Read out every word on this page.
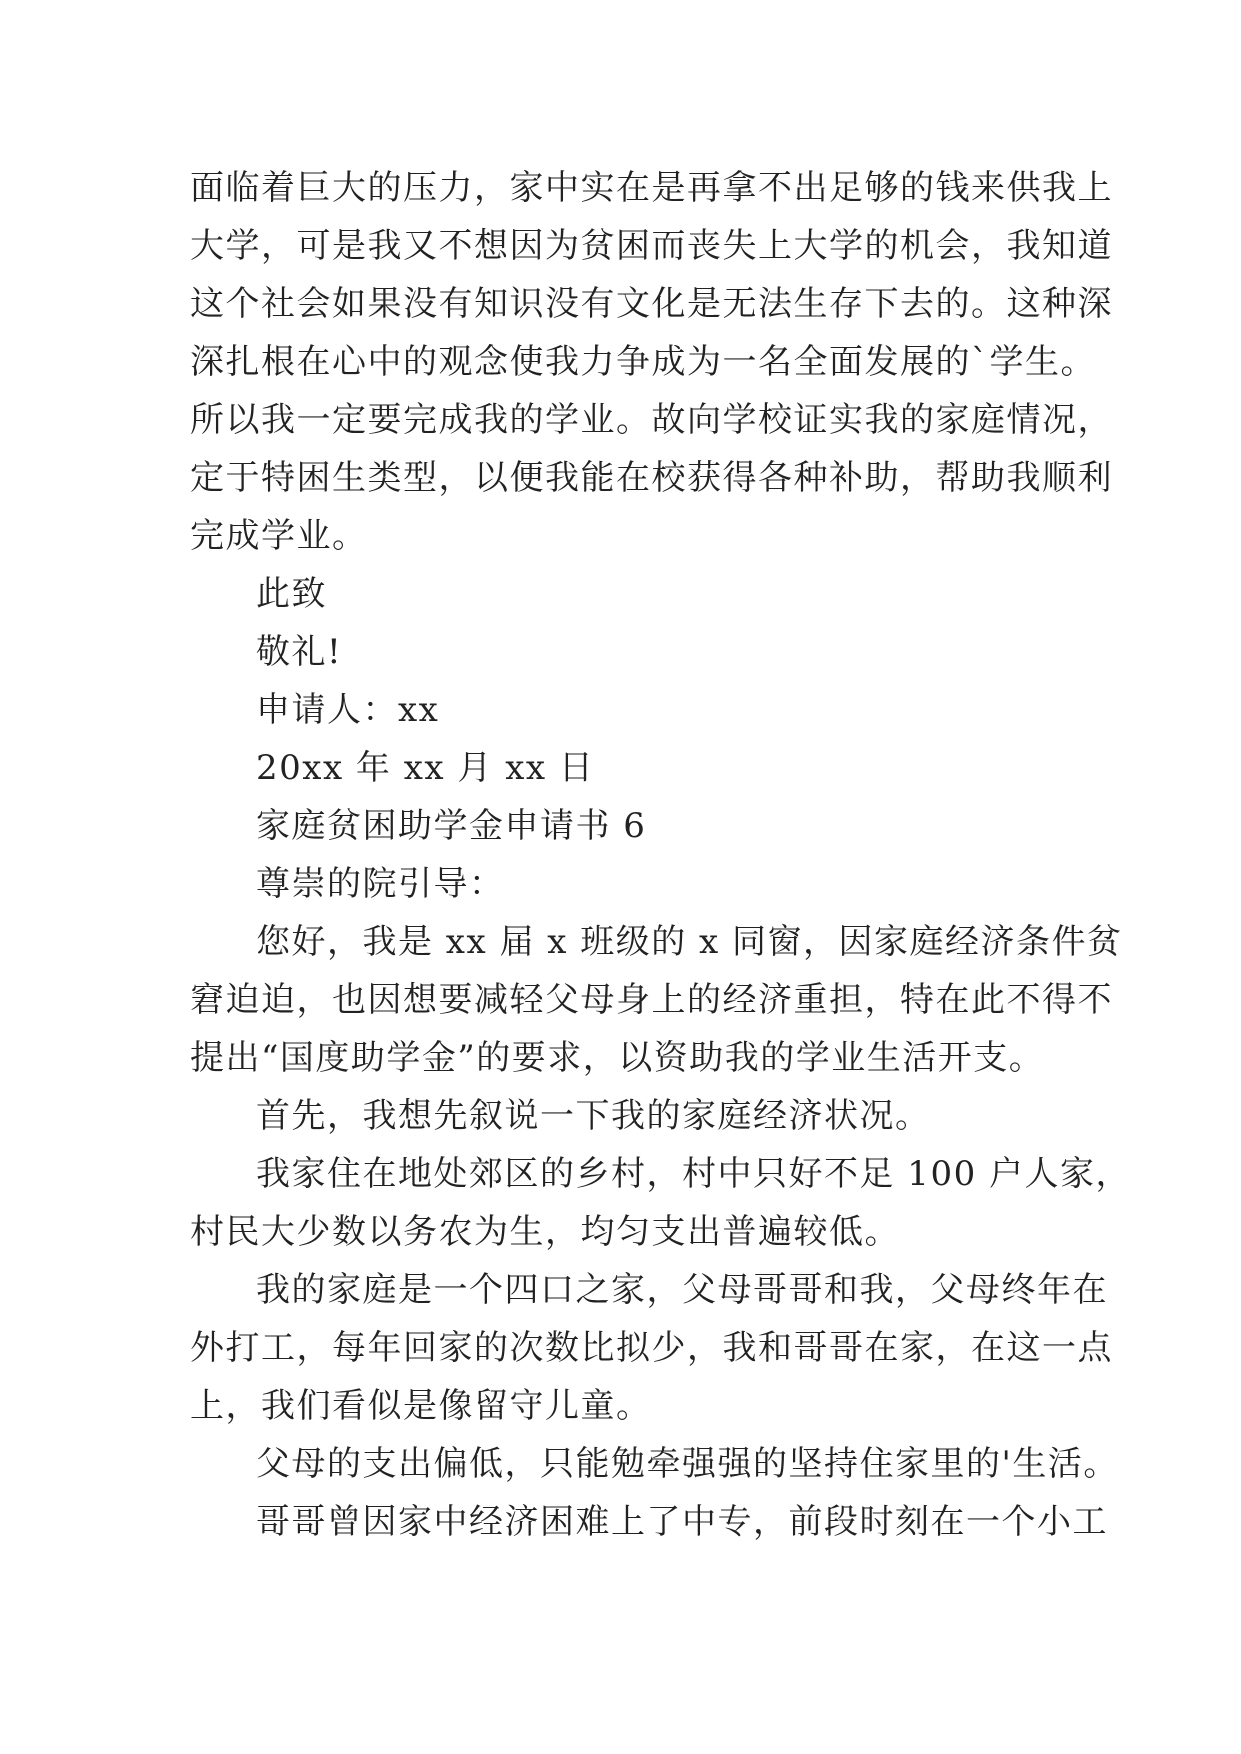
面临着巨大的压力，家中实在是再拿不出足够的钱来供我上
大学，可是我又不想因为贫困而丧失上大学的机会，我知道
这个社会如果没有知识没有文化是无法生存下去的。这种深
深扎根在心中的观念使我力争成为一名全面发展的`学生。
所以我一定要完成我的学业。故向学校证实我的家庭情况，
定于特困生类型，以便我能在校获得各种补助，帮助我顺利
完成学业。
此致
敬礼!
申请人：xx
20xx 年 xx 月 xx 日
家庭贫困助学金申请书 6
尊崇的院引导：
您好，我是 xx 届 x 班级的 x 同窗，因家庭经济条件贫
窘迫迫，也因想要减轻父母身上的经济重担，特在此不得不
提出“国度助学金”的要求，以资助我的学业生活开支。
首先，我想先叙说一下我的家庭经济状况。
我家住在地处郊区的乡村，村中只好不足 100 户人家，
村民大少数以务农为生，均匀支出普遍较低。
我的家庭是一个四口之家，父母哥哥和我，父母终年在
外打工，每年回家的次数比拟少，我和哥哥在家，在这一点
上，我们看似是像留守儿童。
父母的支出偏低，只能勉牵强强的坚持住家里的'生活。
哥哥曾因家中经济困难上了中专，前段时刻在一个小工
